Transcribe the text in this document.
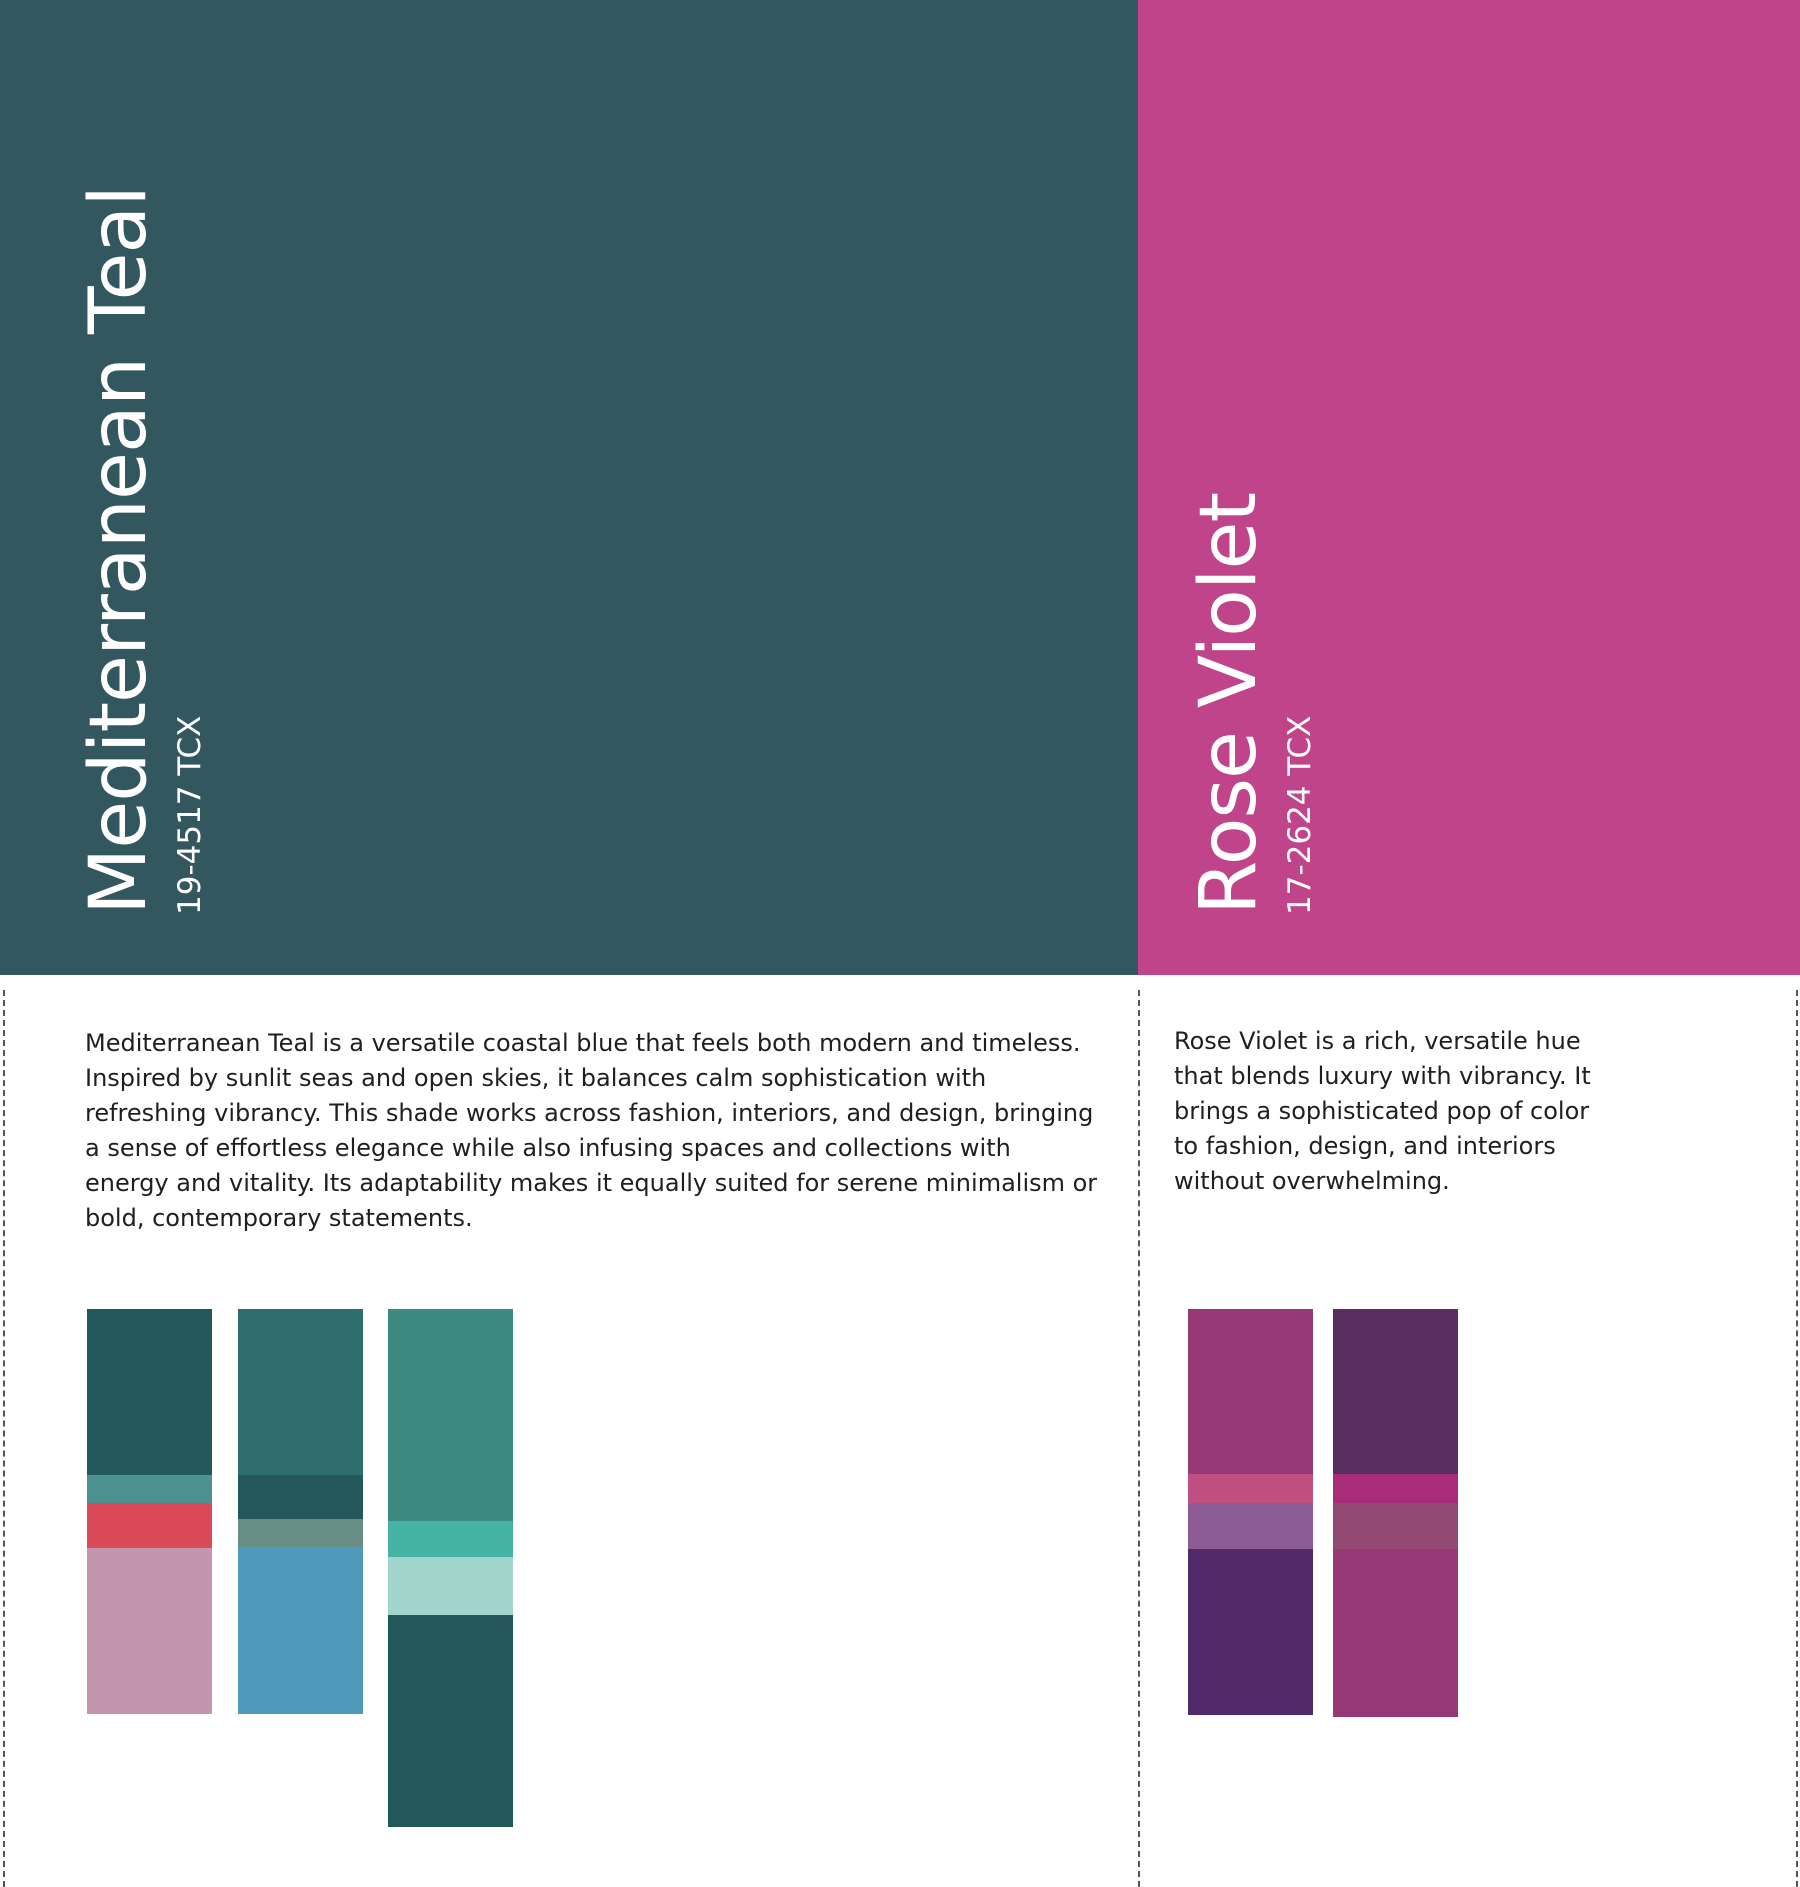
Mediterranean Teal 19-4517 TCX	Rose Violet 17-2624 TCX

Mediterranean Teal is a versatile coastal blue that feels both modern and timeless. Inspired by sunlit seas and open skies, it balances calm sophistication with refreshing vibrancy. This shade works across fashion, interiors, and design, bringing a sense of effortless elegance while also infusing spaces and collections with energy and vitality. Its adaptability makes it equally suited for serene minimalism or bold, contemporary statements.

Rose Violet is a rich, versatile hue that blends luxury with vibrancy. It brings a sophisticated pop of color to fashion, design, and interiors without overwhelming.
